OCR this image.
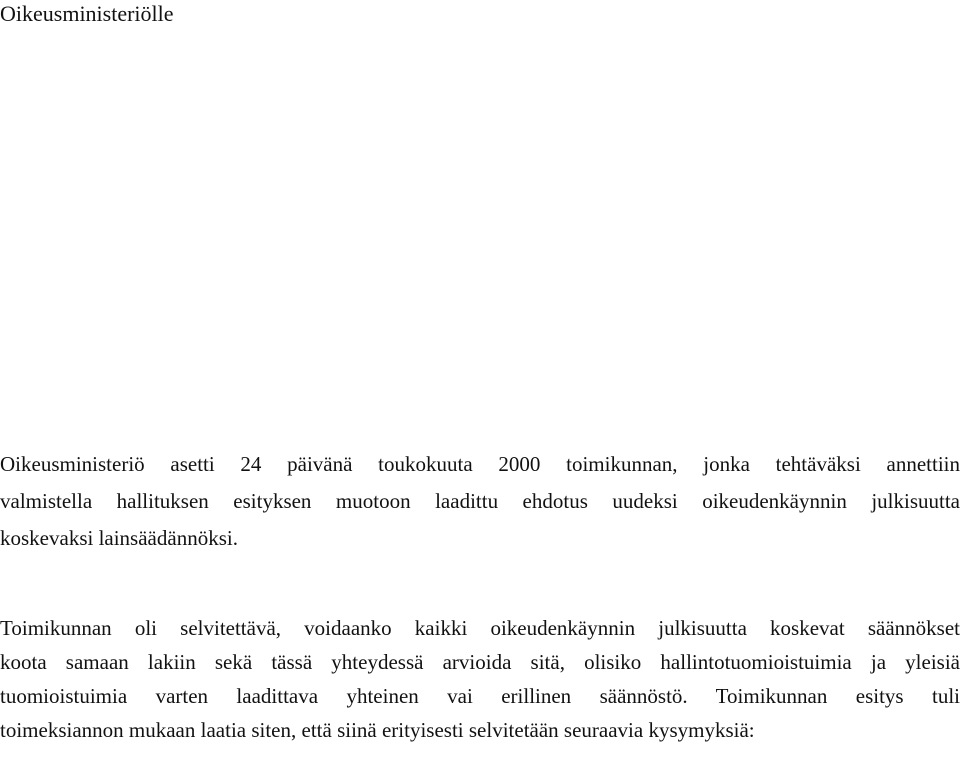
Oikeusministeriölle
Oikeusministeriö asetti 24 päivänä toukokuuta 2000 toimikunnan, jonka tehtäväksi annettiin
valmistella hallituksen esityksen muotoon laadittu ehdotus uudeksi oikeudenkäynnin julkisuutta
koskevaksi lainsäädännöksi.
Toimikunnan oli selvitettävä, voidaanko kaikki oikeudenkäynnin julkisuutta koskevat säännökset
koota samaan lakiin sekä tässä yhteydessä arvioida sitä, olisiko hallintotuomioistuimia ja yleisiä
tuomioistuimia varten laadittava yhteinen vai erillinen säännöstö. Toimikunnan esitys tuli
toimeksiannon mukaan laatia siten, että siinä erityisesti selvitetään seuraavia kysymyksiä:
